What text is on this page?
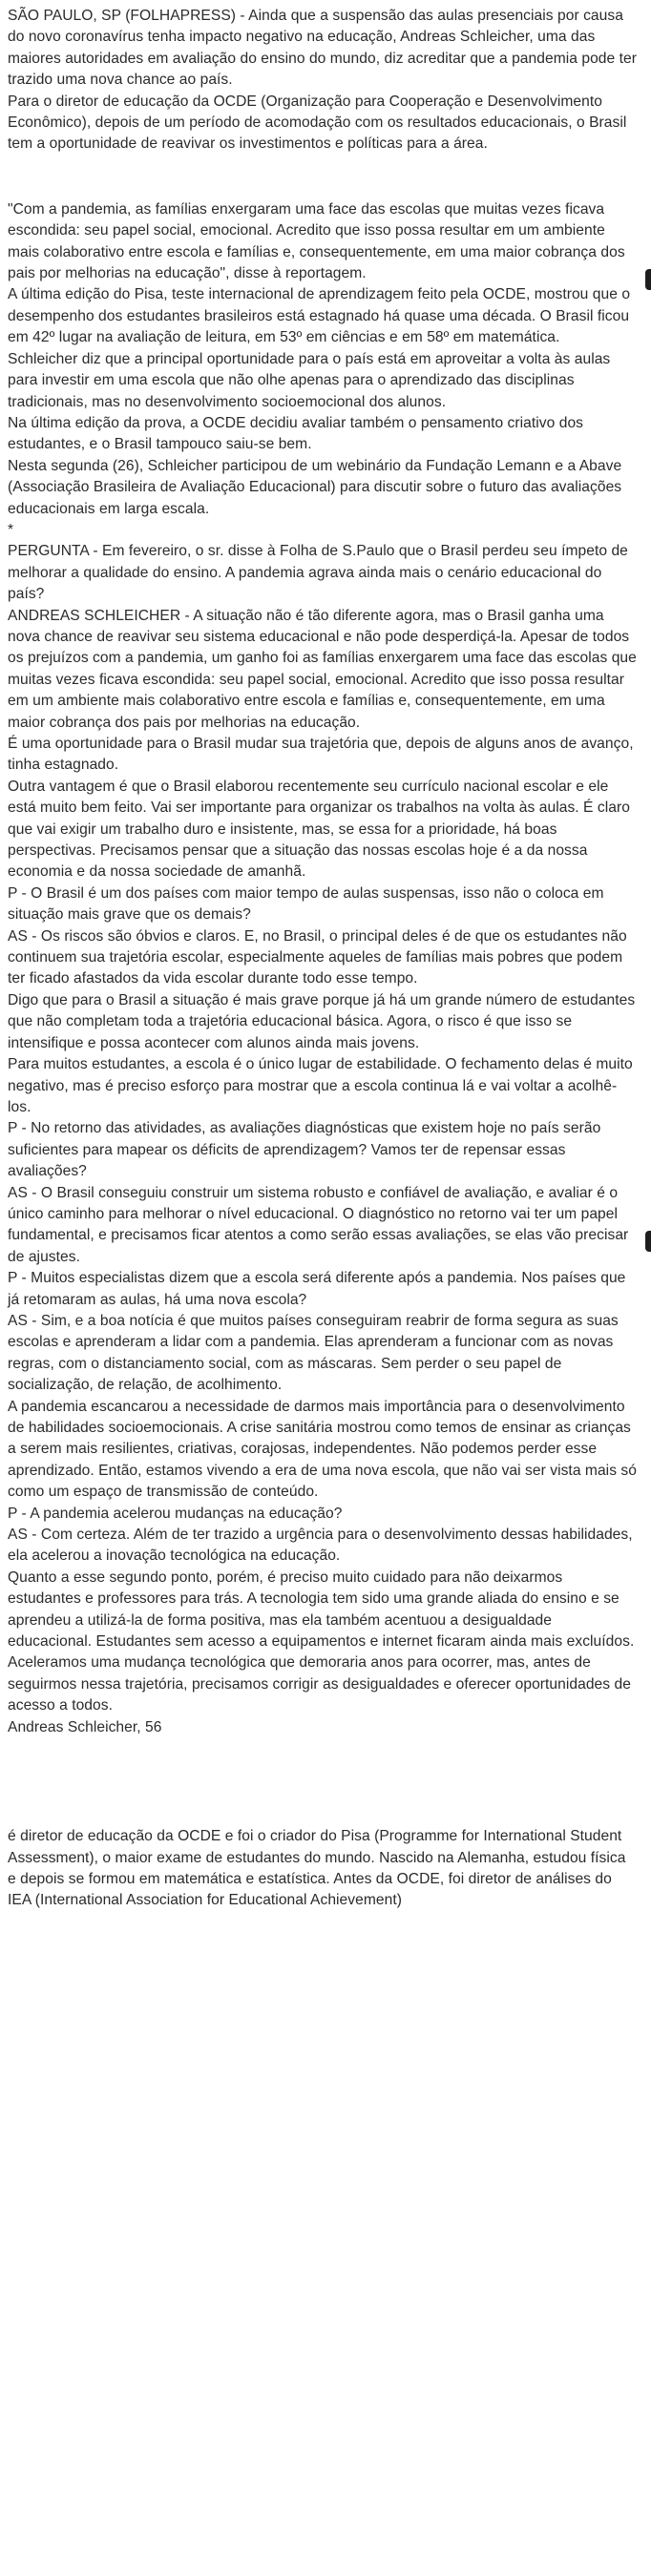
SÃO PAULO, SP (FOLHAPRESS) - Ainda que a suspensão das aulas presenciais por causa do novo coronavírus tenha impacto negativo na educação, Andreas Schleicher, uma das maiores autoridades em avaliação do ensino do mundo, diz acreditar que a pandemia pode ter trazido uma nova chance ao país.

Para o diretor de educação da OCDE (Organização para Cooperação e Desenvolvimento Econômico), depois de um período de acomodação com os resultados educacionais, o Brasil tem a oportunidade de reavivar os investimentos e políticas para a área.

"Com a pandemia, as famílias enxergaram uma face das escolas que muitas vezes ficava escondida: seu papel social, emocional. Acredito que isso possa resultar em um ambiente mais colaborativo entre escola e famílias e, consequentemente, em uma maior cobrança dos pais por melhorias na educação", disse à reportagem.

A última edição do Pisa, teste internacional de aprendizagem feito pela OCDE, mostrou que o desempenho dos estudantes brasileiros está estagnado há quase uma década. O Brasil ficou em 42º lugar na avaliação de leitura, em 53º em ciências e em 58º em matemática.

Schleicher diz que a principal oportunidade para o país está em aproveitar a volta às aulas para investir em uma escola que não olhe apenas para o aprendizado das disciplinas tradicionais, mas no desenvolvimento socioemocional dos alunos.

Na última edição da prova, a OCDE decidiu avaliar também o pensamento criativo dos estudantes, e o Brasil tampouco saiu-se bem.

Nesta segunda (26), Schleicher participou de um webinário da Fundação Lemann e a Abave (Associação Brasileira de Avaliação Educacional) para discutir sobre o futuro das avaliações educacionais em larga escala.

*

PERGUNTA - Em fevereiro, o sr. disse à Folha de S.Paulo que o Brasil perdeu seu ímpeto de melhorar a qualidade do ensino. A pandemia agrava ainda mais o cenário educacional do país?

ANDREAS SCHLEICHER - A situação não é tão diferente agora, mas o Brasil ganha uma nova chance de reavivar seu sistema educacional e não pode desperdiçá-la. Apesar de todos os prejuízos com a pandemia, um ganho foi as famílias enxergarem uma face das escolas que muitas vezes ficava escondida: seu papel social, emocional. Acredito que isso possa resultar em um ambiente mais colaborativo entre escola e famílias e, consequentemente, em uma maior cobrança dos pais por melhorias na educação.

É uma oportunidade para o Brasil mudar sua trajetória que, depois de alguns anos de avanço, tinha estagnado.

Outra vantagem é que o Brasil elaborou recentemente seu currículo nacional escolar e ele está muito bem feito. Vai ser importante para organizar os trabalhos na volta às aulas. É claro que vai exigir um trabalho duro e insistente, mas, se essa for a prioridade, há boas perspectivas. Precisamos pensar que a situação das nossas escolas hoje é a da nossa economia e da nossa sociedade de amanhã.

P - O Brasil é um dos países com maior tempo de aulas suspensas, isso não o coloca em situação mais grave que os demais?

AS - Os riscos são óbvios e claros. E, no Brasil, o principal deles é de que os estudantes não continuem sua trajetória escolar, especialmente aqueles de famílias mais pobres que podem ter ficado afastados da vida escolar durante todo esse tempo.

Digo que para o Brasil a situação é mais grave porque já há um grande número de estudantes que não completam toda a trajetória educacional básica. Agora, o risco é que isso se intensifique e possa acontecer com alunos ainda mais jovens.

Para muitos estudantes, a escola é o único lugar de estabilidade. O fechamento delas é muito negativo, mas é preciso esforço para mostrar que a escola continua lá e vai voltar a acolhê-los.

P - No retorno das atividades, as avaliações diagnósticas que existem hoje no país serão suficientes para mapear os déficits de aprendizagem? Vamos ter de repensar essas avaliações?

AS - O Brasil conseguiu construir um sistema robusto e confiável de avaliação, e avaliar é o único caminho para melhorar o nível educacional. O diagnóstico no retorno vai ter um papel fundamental, e precisamos ficar atentos a como serão essas avaliações, se elas vão precisar de ajustes.

P - Muitos especialistas dizem que a escola será diferente após a pandemia. Nos países que já retomaram as aulas, há uma nova escola?

AS - Sim, e a boa notícia é que muitos países conseguiram reabrir de forma segura as suas escolas e aprenderam a lidar com a pandemia. Elas aprenderam a funcionar com as novas regras, com o distanciamento social, com as máscaras. Sem perder o seu papel de socialização, de relação, de acolhimento.

A pandemia escancarou a necessidade de darmos mais importância para o desenvolvimento de habilidades socioemocionais. A crise sanitária mostrou como temos de ensinar as crianças a serem mais resilientes, criativas, corajosas, independentes. Não podemos perder esse aprendizado. Então, estamos vivendo a era de uma nova escola, que não vai ser vista mais só como um espaço de transmissão de conteúdo.

P - A pandemia acelerou mudanças na educação?

AS - Com certeza. Além de ter trazido a urgência para o desenvolvimento dessas habilidades, ela acelerou a inovação tecnológica na educação.

Quanto a esse segundo ponto, porém, é preciso muito cuidado para não deixarmos estudantes e professores para trás. A tecnologia tem sido uma grande aliada do ensino e se aprendeu a utilizá-la de forma positiva, mas ela também acentuou a desigualdade educacional. Estudantes sem acesso a equipamentos e internet ficaram ainda mais excluídos.

Aceleramos uma mudança tecnológica que demoraria anos para ocorrer, mas, antes de seguirmos nessa trajetória, precisamos corrigir as desigualdades e oferecer oportunidades de acesso a todos.

Andreas Schleicher, 56

é diretor de educação da OCDE e foi o criador do Pisa (Programme for International Student Assessment), o maior exame de estudantes do mundo. Nascido na Alemanha, estudou física e depois se formou em matemática e estatística. Antes da OCDE, foi diretor de análises do IEA (International Association for Educational Achievement)
